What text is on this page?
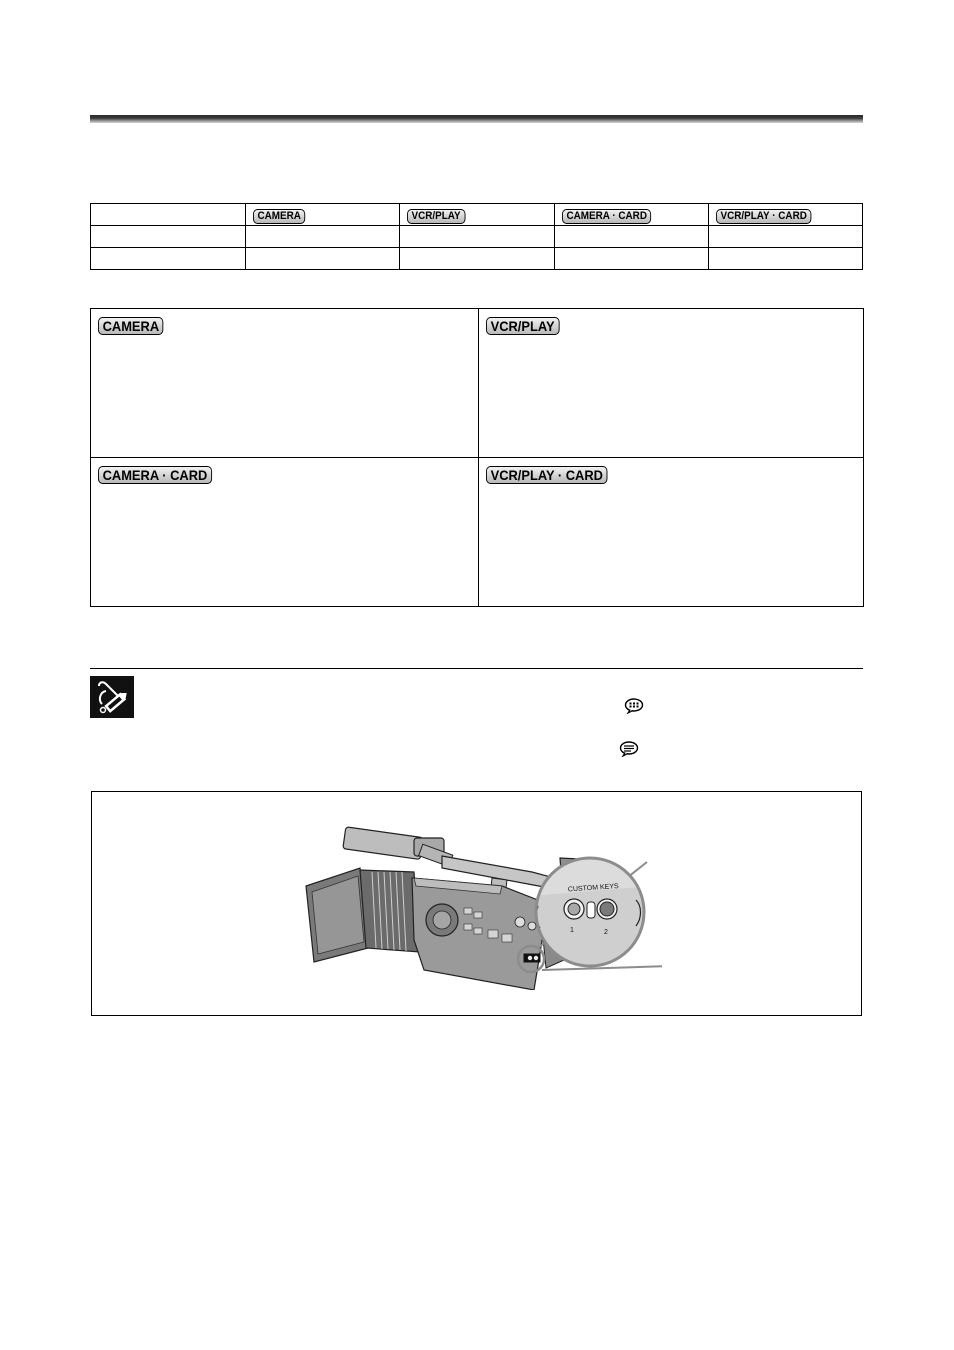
	CAMERA	VCR/PLAY	CAMERA · CARD	VCR/PLAY · CARD

CAMERA	VCR/PLAY
CAMERA · CARD	VCR/PLAY · CARD
CUSTOM KEYS
1	2
